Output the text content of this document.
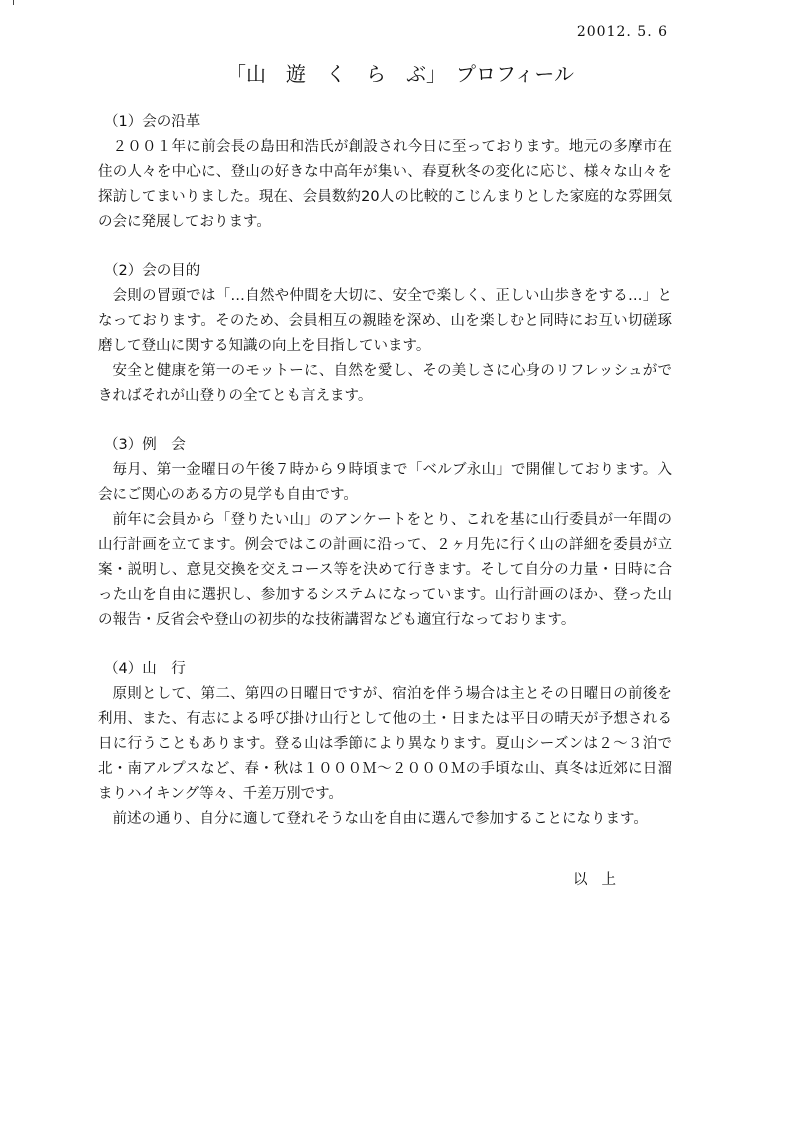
20012. 5. 6
「山　遊　く　ら　ぶ」　プロフィール
（1）会の沿革

２００１年に前会長の島田和浩氏が創設され今日に至っております。地元の多摩市在住の人々を中心に、登山の好きな中高年が集い、春夏秋冬の変化に応じ、様々な山々を探訪してまいりました。現在、会員数約20人の比較的こじんまりとした家庭的な雰囲気の会に発展しております。

（2）会の目的

会則の冒頭では「…自然や仲間を大切に、安全で楽しく、正しい山歩きをする…」となっております。そのため、会員相互の親睦を深め、山を楽しむと同時にお互い切磋琢磨して登山に関する知識の向上を目指しています。

安全と健康を第一のモットーに、自然を愛し、その美しさに心身のリフレッシュができればそれが山登りの全てとも言えます。

（3）例　会

毎月、第一金曜日の午後７時から９時頃まで「ベルブ永山」で開催しております。入会にご関心のある方の見学も自由です。

前年に会員から「登りたい山」のアンケートをとり、これを基に山行委員が一年間の山行計画を立てます。例会ではこの計画に沿って、２ヶ月先に行く山の詳細を委員が立案・説明し、意見交換を交えコース等を決めて行きます。そして自分の力量・日時に合った山を自由に選択し、参加するシステムになっています。山行計画のほか、登った山の報告・反省会や登山の初歩的な技術講習なども適宜行なっております。

（4）山　行

原則として、第二、第四の日曜日ですが、宿泊を伴う場合は主とその日曜日の前後を利用、また、有志による呼び掛け山行として他の土・日または平日の晴天が予想される日に行うこともあります。登る山は季節により異なります。夏山シーズンは２～３泊で北・南アルプスなど、春・秋は１０００Ｍ～２０００Ｍの手頃な山、真冬は近郊に日溜まりハイキング等々、千差万別です。

前述の通り、自分に適して登れそうな山を自由に選んで参加することになります。

以上
